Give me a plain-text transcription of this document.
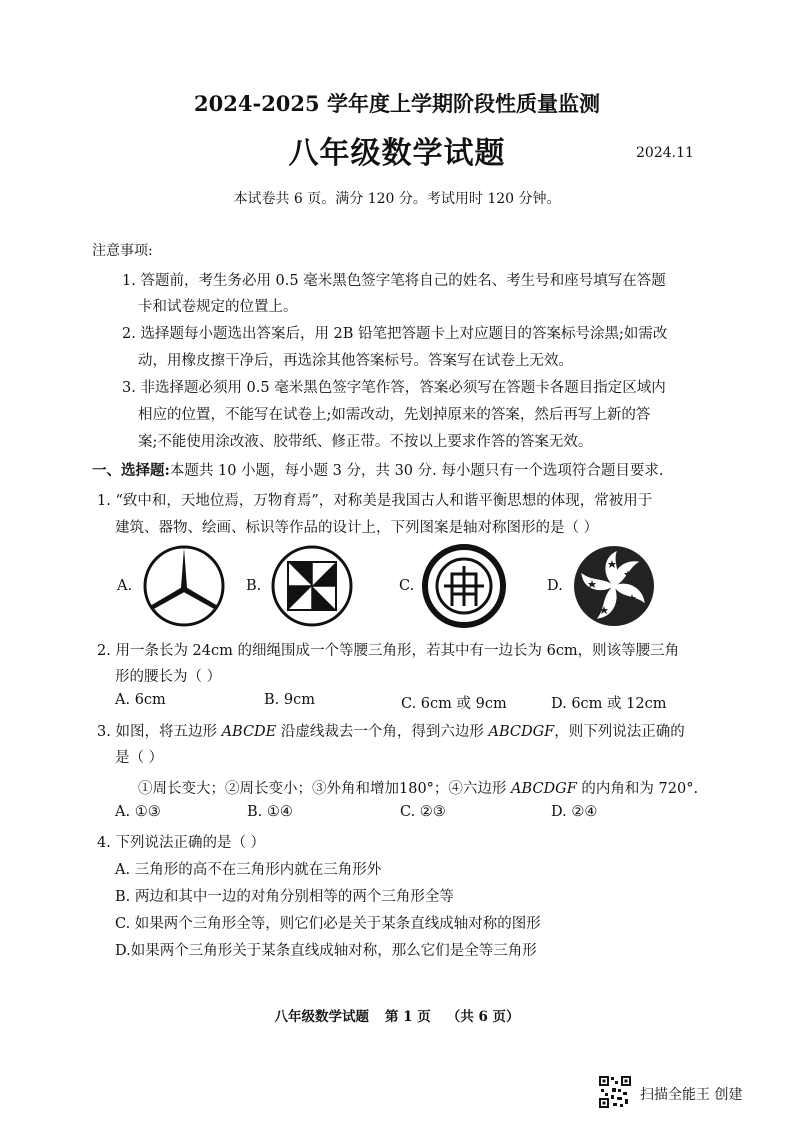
2024-2025 学年度上学期阶段性质量监测
八年级数学试题	2024.11
本试卷共 6 页。满分 120 分。考试用时 120 分钟。
注意事项:
1. 答题前，考生务必用 0.5 毫米黑色签字笔将自己的姓名、考生号和座号填写在答题
卡和试卷规定的位置上。
2. 选择题每小题选出答案后，用 2B 铅笔把答题卡上对应题目的答案标号涂黑;如需改
动，用橡皮擦干净后，再选涂其他答案标号。答案写在试卷上无效。
3. 非选择题必须用 0.5 毫米黑色签字笔作答，答案必须写在答题卡各题目指定区域内
相应的位置，不能写在试卷上;如需改动，先划掉原来的答案，然后再写上新的答
案;不能使用涂改液、胶带纸、修正带。不按以上要求作答的答案无效。
一、选择题:本题共 10 小题，每小题 3 分，共 30 分. 每小题只有一个选项符合题目要求.
1. “致中和，天地位焉，万物育焉”，对称美是我国古人和谐平衡思想的体现，常被用于
建筑、器物、绘画、标识等作品的设计上，下列图案是轴对称图形的是（ ）
A.	B.	C.	D.
2. 用一条长为 24cm 的细绳围成一个等腰三角形，若其中有一边长为 6cm，则该等腰三角
形的腰长为（ ）
A. 6cm	B. 9cm	C. 6cm 或 9cm	D. 6cm 或 12cm
3. 如图，将五边形 ABCDE 沿虚线裁去一个角，得到六边形 ABCDGF，则下列说法正确的
是（ ）
①周长变大；②周长变小；③外角和增加180°；④六边形 ABCDGF 的内角和为 720°.
A. ①③	B. ①④	C. ②③	D. ②④
4. 下列说法正确的是（ ）
A. 三角形的高不在三角形内就在三角形外
B. 两边和其中一边的对角分别相等的两个三角形全等
C. 如果两个三角形全等，则它们必是关于某条直线成轴对称的图形
D.如果两个三角形关于某条直线成轴对称，那么它们是全等三角形
八年级数学试题 第 1 页 （共 6 页）
扫描全能王 创建
